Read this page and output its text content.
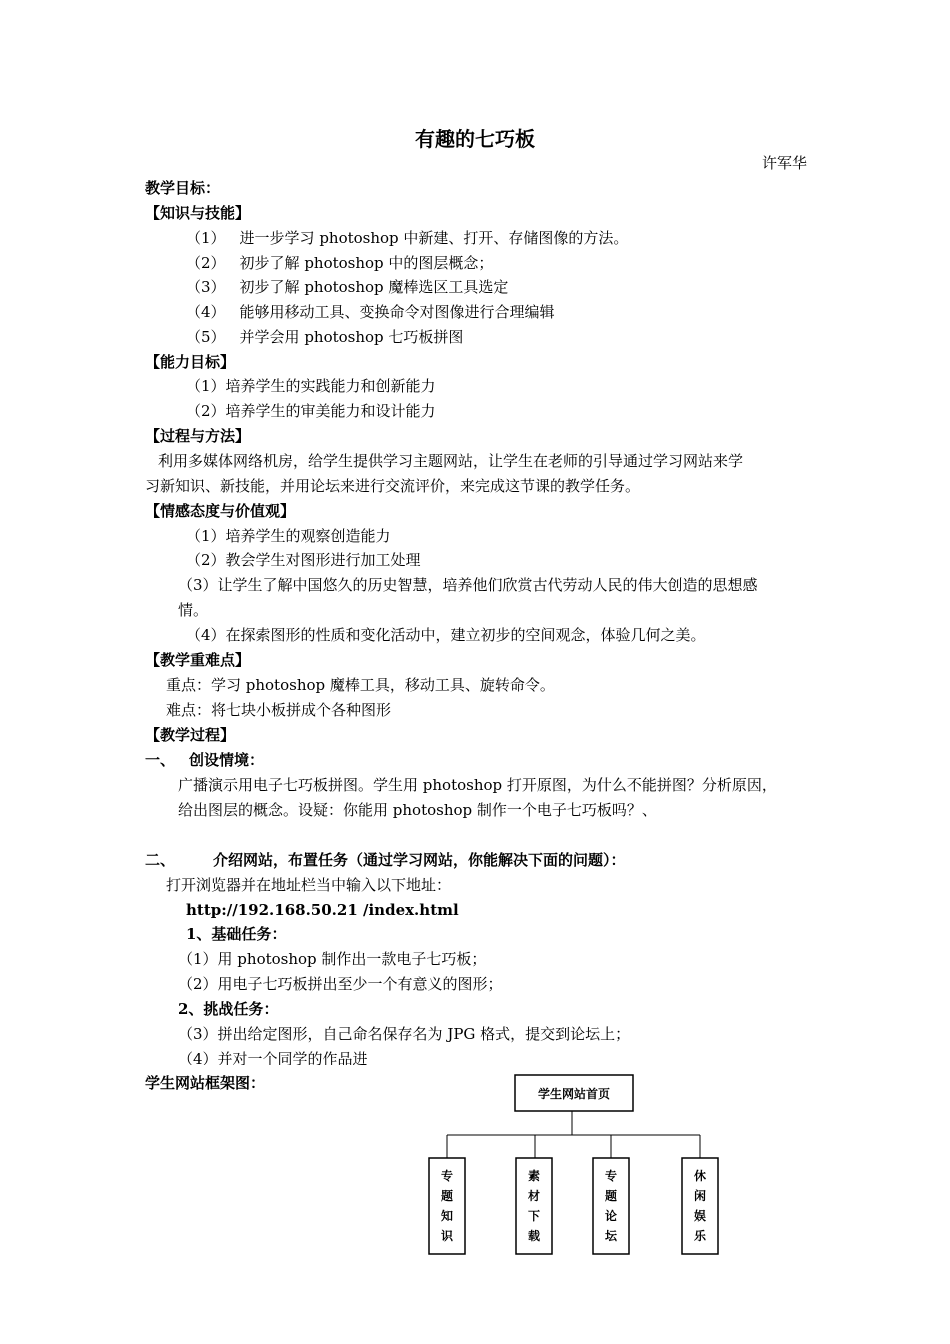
有趣的七巧板
许军华
教学目标：
【知识与技能】
（1） 进一步学习 photoshop 中新建、打开、存储图像的方法。
（2） 初步了解 photoshop 中的图层概念；
（3） 初步了解 photoshop 魔棒选区工具选定
（4） 能够用移动工具、变换命令对图像进行合理编辑
（5） 并学会用 photoshop 七巧板拼图
【能力目标】
（1）培养学生的实践能力和创新能力
（2）培养学生的审美能力和设计能力
【过程与方法】
利用多媒体网络机房，给学生提供学习主题网站，让学生在老师的引导通过学习网站来学
习新知识、新技能，并用论坛来进行交流评价，来完成这节课的教学任务。
【情感态度与价值观】
（1）培养学生的观察创造能力
（2）教会学生对图形进行加工处理
（3）让学生了解中国悠久的历史智慧，培养他们欣赏古代劳动人民的伟大创造的思想感
情。
（4）在探索图形的性质和变化活动中，建立初步的空间观念，体验几何之美。
【教学重难点】
重点：学习 photoshop 魔棒工具，移动工具、旋转命令。
难点：将七块小板拼成个各种图形
【教学过程】
一、 创设情境：
广播演示用电子七巧板拼图。学生用 photoshop 打开原图，为什么不能拼图？分析原因，
给出图层的概念。设疑：你能用 photoshop 制作一个电子七巧板吗？、
二、	介绍网站，布置任务（通过学习网站，你能解决下面的问题）：
打开浏览器并在地址栏当中输入以下地址：
http://192.168.50.21 /index.html
1、基础任务：
（1）用 photoshop 制作出一款电子七巧板；
（2）用电子七巧板拼出至少一个有意义的图形；
2、挑战任务：
（3）拼出给定图形，自己命名保存名为 JPG 格式，提交到论坛上；
（4）并对一个同学的作品进
学生网站框架图：
学生网站首页
专题知识
素材下载
专题论坛
休闲娱乐
